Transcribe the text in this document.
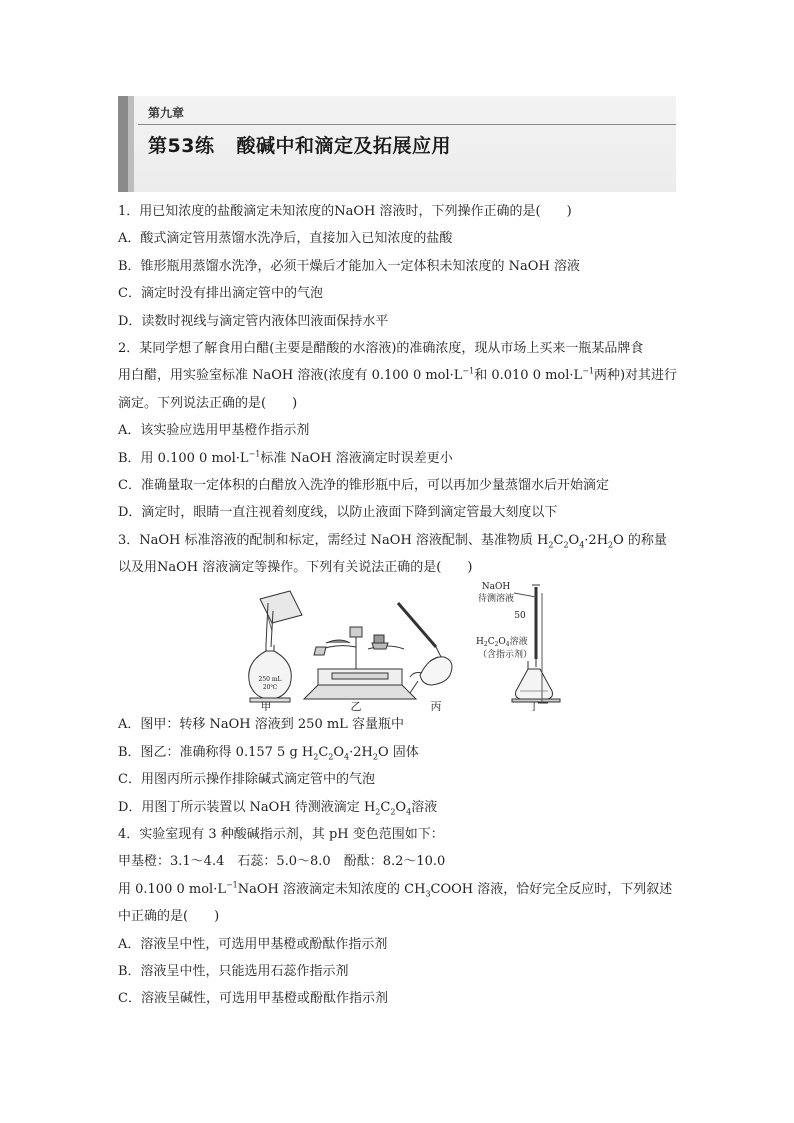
第九章
第53练 酸碱中和滴定及拓展应用
1．用已知浓度的盐酸滴定未知浓度的NaOH 溶液时，下列操作正确的是(　　)
A．酸式滴定管用蒸馏水洗净后，直接加入已知浓度的盐酸
B．锥形瓶用蒸馏水洗净，必须干燥后才能加入一定体积未知浓度的 NaOH 溶液
C．滴定时没有排出滴定管中的气泡
D．读数时视线与滴定管内液体凹液面保持水平
2．某同学想了解食用白醋(主要是醋酸的水溶液)的准确浓度，现从市场上买来一瓶某品牌食
用白醋，用实验室标准 NaOH 溶液(浓度有 0.100 0 $mol\cdot L^{-1}$和 0.010 0 $mol\cdot L^{-1}$两种)对其进行
滴定。下列说法正确的是(　　)
A．该实验应选用甲基橙作指示剂
B．用 0.100 0 $mol\cdot L^{-1}$标准 NaOH 溶液滴定时误差更小
C．准确量取一定体积的白醋放入洗净的锥形瓶中后，可以再加少量蒸馏水后开始滴定
D．滴定时，眼睛一直注视着刻度线，以防止液面下降到滴定管最大刻度以下
3．NaOH 标准溶液的配制和标定，需经过 NaOH 溶液配制、基准物质 $H_2C_2O_4\cdot 2H_2O$ 的称量
以及用NaOH 溶液滴定等操作。下列有关说法正确的是(　　)
250 mL
20℃
甲	乙	丙
NaOH
待测溶液
50
$H_2C_2O_4$溶液
（含指示剂）
丁
A．图甲：转移 NaOH 溶液到 250 mL 容量瓶中
B．图乙：准确称得 0.157 5 g $H_2C_2O_4\cdot 2H_2O$ 固体
C．用图丙所示操作排除碱式滴定管中的气泡
D．用图丁所示装置以 NaOH 待测液滴定 $H_2C_2O_4$溶液
4．实验室现有 3 种酸碱指示剂，其 pH 变色范围如下：
甲基橙：3.1～4.4　石蕊：5.0～8.0　酚酞：8.2～10.0
用 0.100 0 $mol\cdot L^{-1}NaOH$ 溶液滴定未知浓度的 $CH_3COOH$ 溶液，恰好完全反应时，下列叙述
中正确的是(　　)
A．溶液呈中性，可选用甲基橙或酚酞作指示剂
B．溶液呈中性，只能选用石蕊作指示剂
C．溶液呈碱性，可选用甲基橙或酚酞作指示剂
